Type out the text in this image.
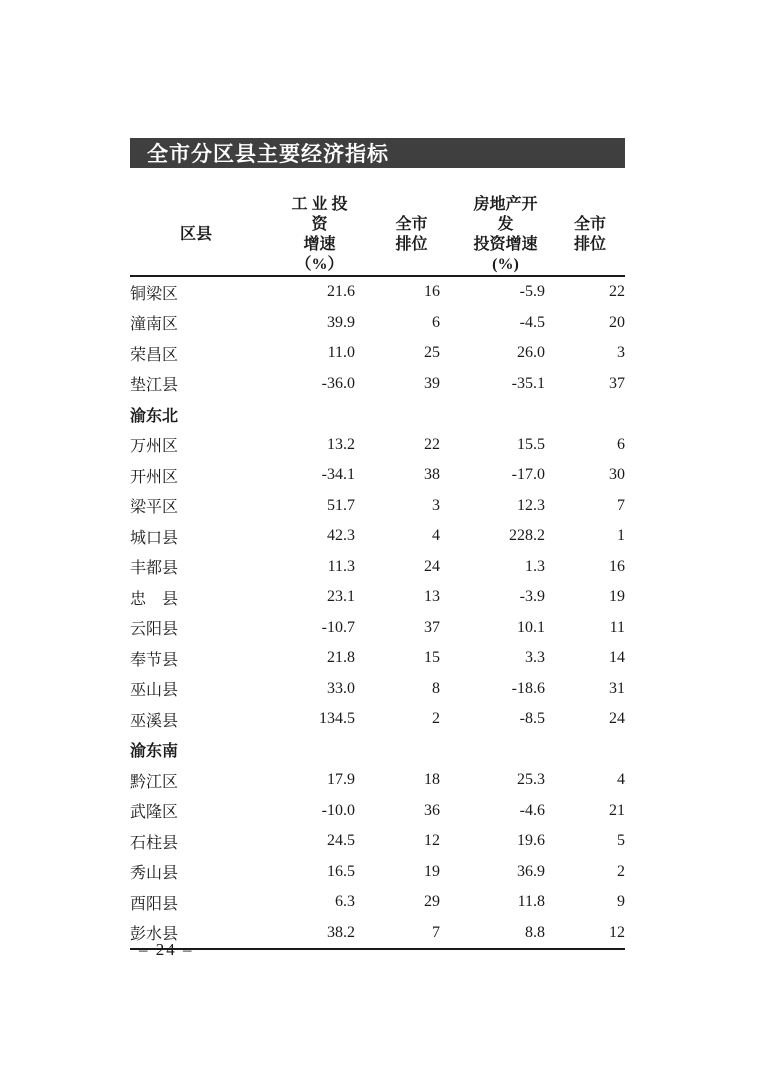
全市分区县主要经济指标
区县

工 业 投 资
增速（%）

全市
排位

房地产开发
投资增速
(%)

全市
排位

铜梁区	21.6	16	-5.9	22
潼南区	39.9	6	-4.5	20
荣昌区	11.0	25	26.0	3
垫江县	-36.0	39	-35.1	37
渝东北				
万州区	13.2	22	15.5	6
开州区	-34.1	38	-17.0	30
梁平区	51.7	3	12.3	7
城口县	42.3	4	228.2	1
丰都县	11.3	24	1.3	16
忠　县	23.1	13	-3.9	19
云阳县	-10.7	37	10.1	11
奉节县	21.8	15	3.3	14
巫山县	33.0	8	-18.6	31
巫溪县	134.5	2	-8.5	24
渝东南				
黔江区	17.9	18	25.3	4
武隆区	-10.0	36	-4.6	21
石柱县	24.5	12	19.6	5
秀山县	16.5	19	36.9	2
酉阳县	6.3	29	11.8	9
彭水县	38.2	7	8.8	12
– 24 –
